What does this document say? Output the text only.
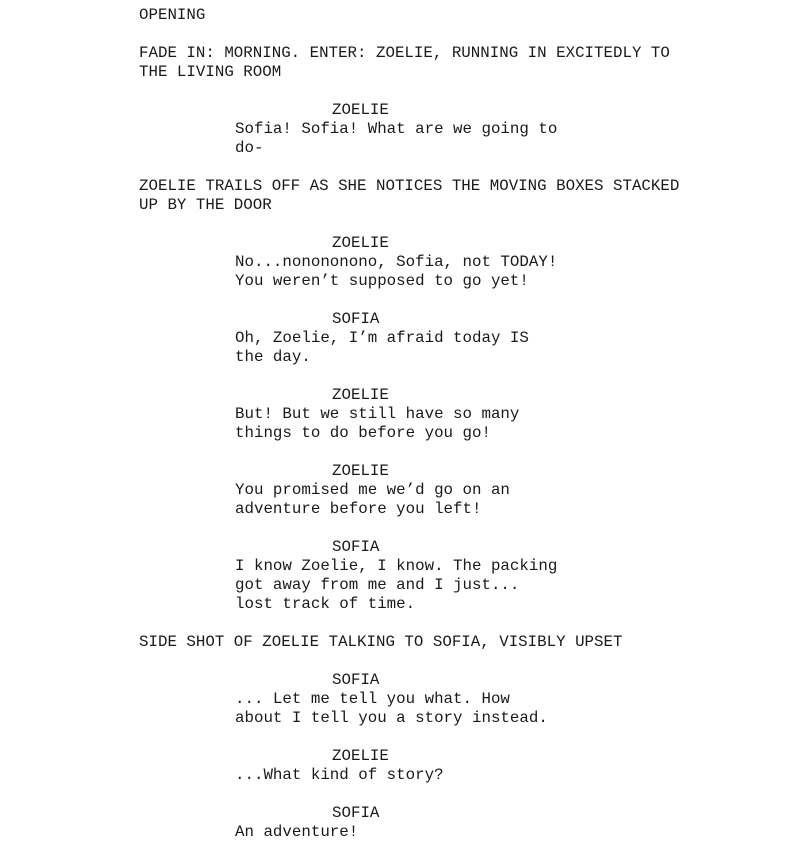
OPENING

FADE IN: MORNING. ENTER: ZOELIE, RUNNING IN EXCITEDLY TO

THE LIVING ROOM

ZOELIE

Sofia! Sofia! What are we going to

do-

ZOELIE TRAILS OFF AS SHE NOTICES THE MOVING BOXES STACKED

UP BY THE DOOR

ZOELIE

No...nonononono, Sofia, not TODAY!

You weren’t supposed to go yet!

SOFIA

Oh, Zoelie, I’m afraid today IS

the day.

ZOELIE

But! But we still have so many

things to do before you go!

ZOELIE

You promised me we’d go on an

adventure before you left!

SOFIA

I know Zoelie, I know. The packing

got away from me and I just...

lost track of time.

SIDE SHOT OF ZOELIE TALKING TO SOFIA, VISIBLY UPSET

SOFIA

... Let me tell you what. How

about I tell you a story instead.

ZOELIE

...What kind of story?

SOFIA

An adventure!
